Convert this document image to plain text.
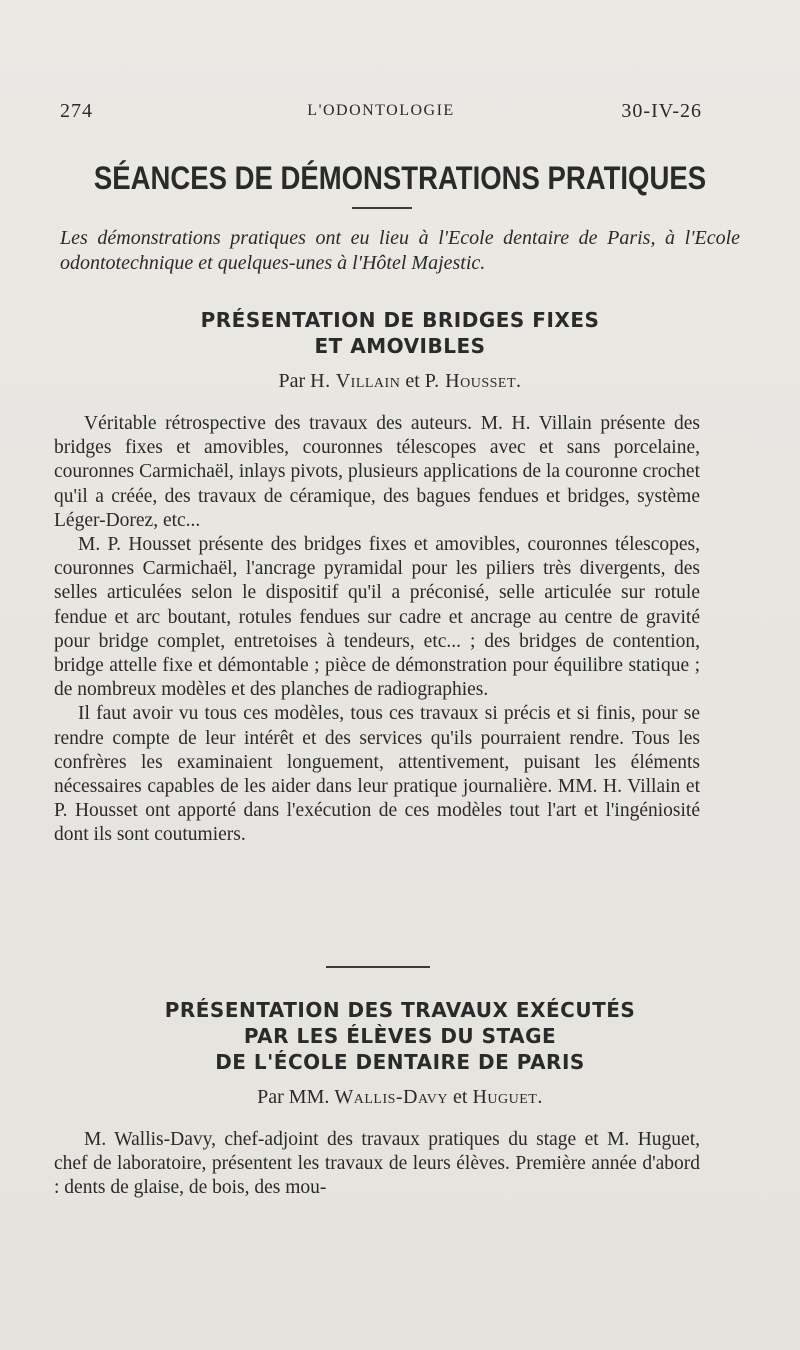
274	L'ODONTOLOGIE	30-IV-26
SÉANCES DE DÉMONSTRATIONS PRATIQUES
Les démonstrations pratiques ont eu lieu à l'Ecole dentaire de Paris, à l'Ecole odontotechnique et quelques-unes à l'Hôtel Majestic.
PRÉSENTATION DE BRIDGES FIXES
ET AMOVIBLES
Par H. Villain et P. Housset.

Véritable rétrospective des travaux des auteurs. M. H. Villain présente des bridges fixes et amovibles, couronnes télescopes avec et sans porcelaine, couronnes Carmichaël, inlays pivots, plusieurs applications de la couronne crochet qu'il a créée, des travaux de céramique, des bagues fendues et bridges, système Léger-Dorez, etc...

M. P. Housset présente des bridges fixes et amovibles, couronnes télescopes, couronnes Carmichaël, l'ancrage pyramidal pour les piliers très divergents, des selles articulées selon le dispositif qu'il a préconisé, selle articulée sur rotule fendue et arc boutant, rotules fendues sur cadre et ancrage au centre de gravité pour bridge complet, entretoises à tendeurs, etc... ; des bridges de contention, bridge attelle fixe et démontable ; pièce de démonstration pour équilibre statique ; de nombreux modèles et des planches de radiographies.

Il faut avoir vu tous ces modèles, tous ces travaux si précis et si finis, pour se rendre compte de leur intérêt et des services qu'ils pourraient rendre. Tous les confrères les examinaient longuement, attentivement, puisant les éléments nécessaires capables de les aider dans leur pratique journalière. MM. H. Villain et P. Housset ont apporté dans l'exécution de ces modèles tout l'art et l'ingéniosité dont ils sont coutumiers.

PRÉSENTATION DES TRAVAUX EXÉCUTÉS
PAR LES ÉLÈVES DU STAGE
DE L'ÉCOLE DENTAIRE DE PARIS
Par MM. Wallis-Davy et Huguet.

M. Wallis-Davy, chef-adjoint des travaux pratiques du stage et M. Huguet, chef de laboratoire, présentent les travaux de leurs élèves. Première année d'abord : dents de glaise, de bois, des mou-
